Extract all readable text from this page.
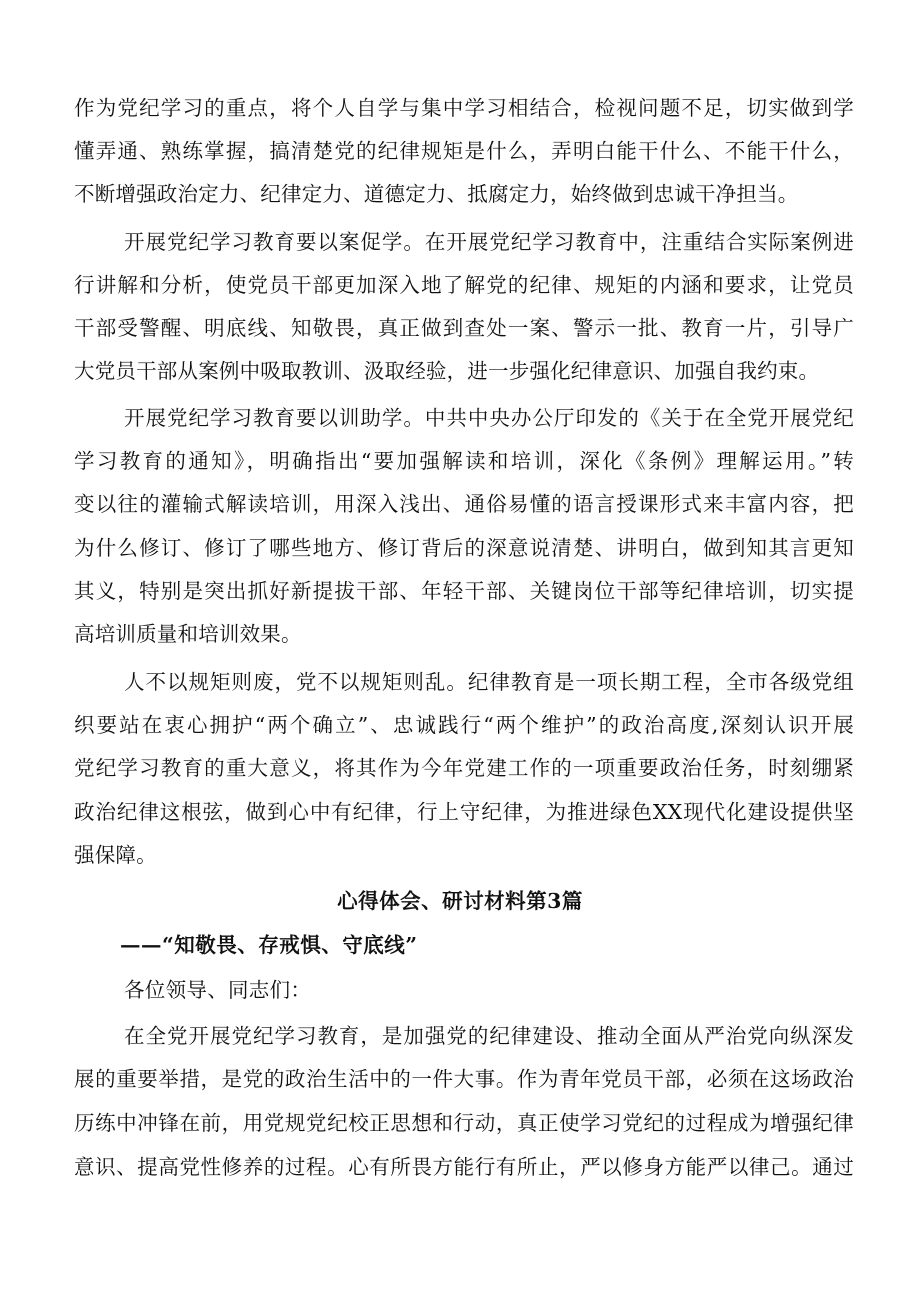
作为党纪学习的重点，将个人自学与集中学习相结合，检视问题不足，切实做到学
懂弄通、熟练掌握，搞清楚党的纪律规矩是什么，弄明白能干什么、不能干什么，
不断增强政治定力、纪律定力、道德定力、抵腐定力，始终做到忠诚干净担当。
开展党纪学习教育要以案促学。在开展党纪学习教育中，注重结合实际案例进
行讲解和分析，使党员干部更加深入地了解党的纪律、规矩的内涵和要求，让党员
干部受警醒、明底线、知敬畏，真正做到查处一案、警示一批、教育一片，引导广
大党员干部从案例中吸取教训、汲取经验，进一步强化纪律意识、加强自我约束。
开展党纪学习教育要以训助学。中共中央办公厅印发的《关于在全党开展党纪
学习教育的通知》，明确指出“要加强解读和培训，深化《条例》理解运用。”转
变以往的灌输式解读培训，用深入浅出、通俗易懂的语言授课形式来丰富内容，把
为什么修订、修订了哪些地方、修订背后的深意说清楚、讲明白，做到知其言更知
其义，特别是突出抓好新提拔干部、年轻干部、关键岗位干部等纪律培训，切实提
高培训质量和培训效果。
人不以规矩则废，党不以规矩则乱。纪律教育是一项长期工程，全市各级党组
织要站在衷心拥护“两个确立”、忠诚践行“两个维护”的政治高度,深刻认识开展
党纪学习教育的重大意义，将其作为今年党建工作的一项重要政治任务，时刻绷紧
政治纪律这根弦，做到心中有纪律，行上守纪律，为推进绿色XX现代化建设提供坚
强保障。
心得体会、研讨材料第3篇
——“知敬畏、存戒惧、守底线”
各位领导、同志们：
在全党开展党纪学习教育，是加强党的纪律建设、推动全面从严治党向纵深发
展的重要举措，是党的政治生活中的一件大事。作为青年党员干部，必须在这场政治
历练中冲锋在前，用党规党纪校正思想和行动，真正使学习党纪的过程成为增强纪律
意识、提高党性修养的过程。心有所畏方能行有所止，严以修身方能严以律己。通过
